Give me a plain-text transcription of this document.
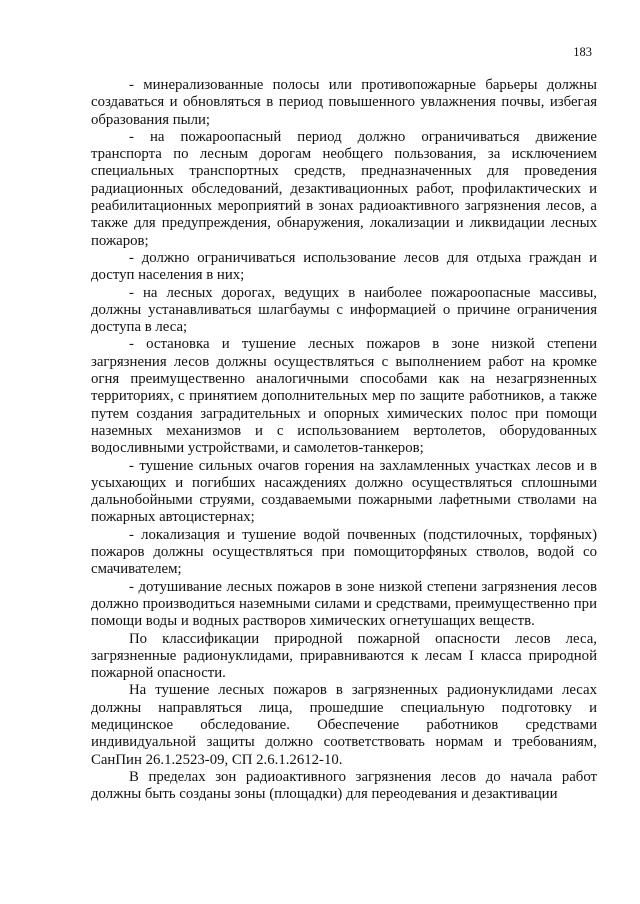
183

- минерализованные полосы или противопожарные барьеры должны создаваться и обновляться в период повышенного увлажнения почвы, избегая образования пыли;

- на пожароопасный период должно ограничиваться движение транспорта по лесным дорогам необщего пользования, за исключением специальных транспортных средств, предназначенных для проведения радиационных обследований, дезактивационных работ, профилактических и реабилитационных мероприятий в зонах радиоактивного загрязнения лесов, а также для предупреждения, обнаружения, локализации и ликвидации лесных пожаров;

- должно ограничиваться использование лесов для отдыха граждан и доступ населения в них;

- на лесных дорогах, ведущих в наиболее пожароопасные массивы, должны устанавливаться шлагбаумы с информацией о причине ограничения доступа в леса;

- остановка и тушение лесных пожаров в зоне низкой степени загрязнения лесов должны осуществляться с выполнением работ на кромке огня преимущественно аналогичными способами как на незагрязненных территориях, с принятием дополнительных мер по защите работников, а также путем создания заградительных и опорных химических полос при помощи наземных механизмов и с использованием вертолетов, оборудованных водосливными устройствами, и самолетов-танкеров;

- тушение сильных очагов горения на захламленных участках лесов и в усыхающих и погибших насаждениях должно осуществляться сплошными дальнобойными струями, создаваемыми пожарными лафетными стволами на пожарных автоцистернах;

- локализация и тушение водой почвенных (подстилочных, торфяных) пожаров должны осуществляться при помощиторфяных стволов, водой со смачивателем;

- дотушивание лесных пожаров в зоне низкой степени загрязнения лесов должно производиться наземными силами и средствами, преимущественно при помощи воды и водных растворов химических огнетушащих веществ.

По классификации природной пожарной опасности лесов леса, загрязненные радионуклидами, приравниваются к лесам I класса природной пожарной опасности.

На тушение лесных пожаров в загрязненных радионуклидами лесах должны направляться лица, прошедшие специальную подготовку и медицинское обследование. Обеспечение работников средствами индивидуальной защиты должно соответствовать нормам и требованиям, СанПин 26.1.2523-09, СП 2.6.1.2612-10.

В пределах зон радиоактивного загрязнения лесов до начала работ должны быть созданы зоны (площадки) для переодевания и дезактивации
